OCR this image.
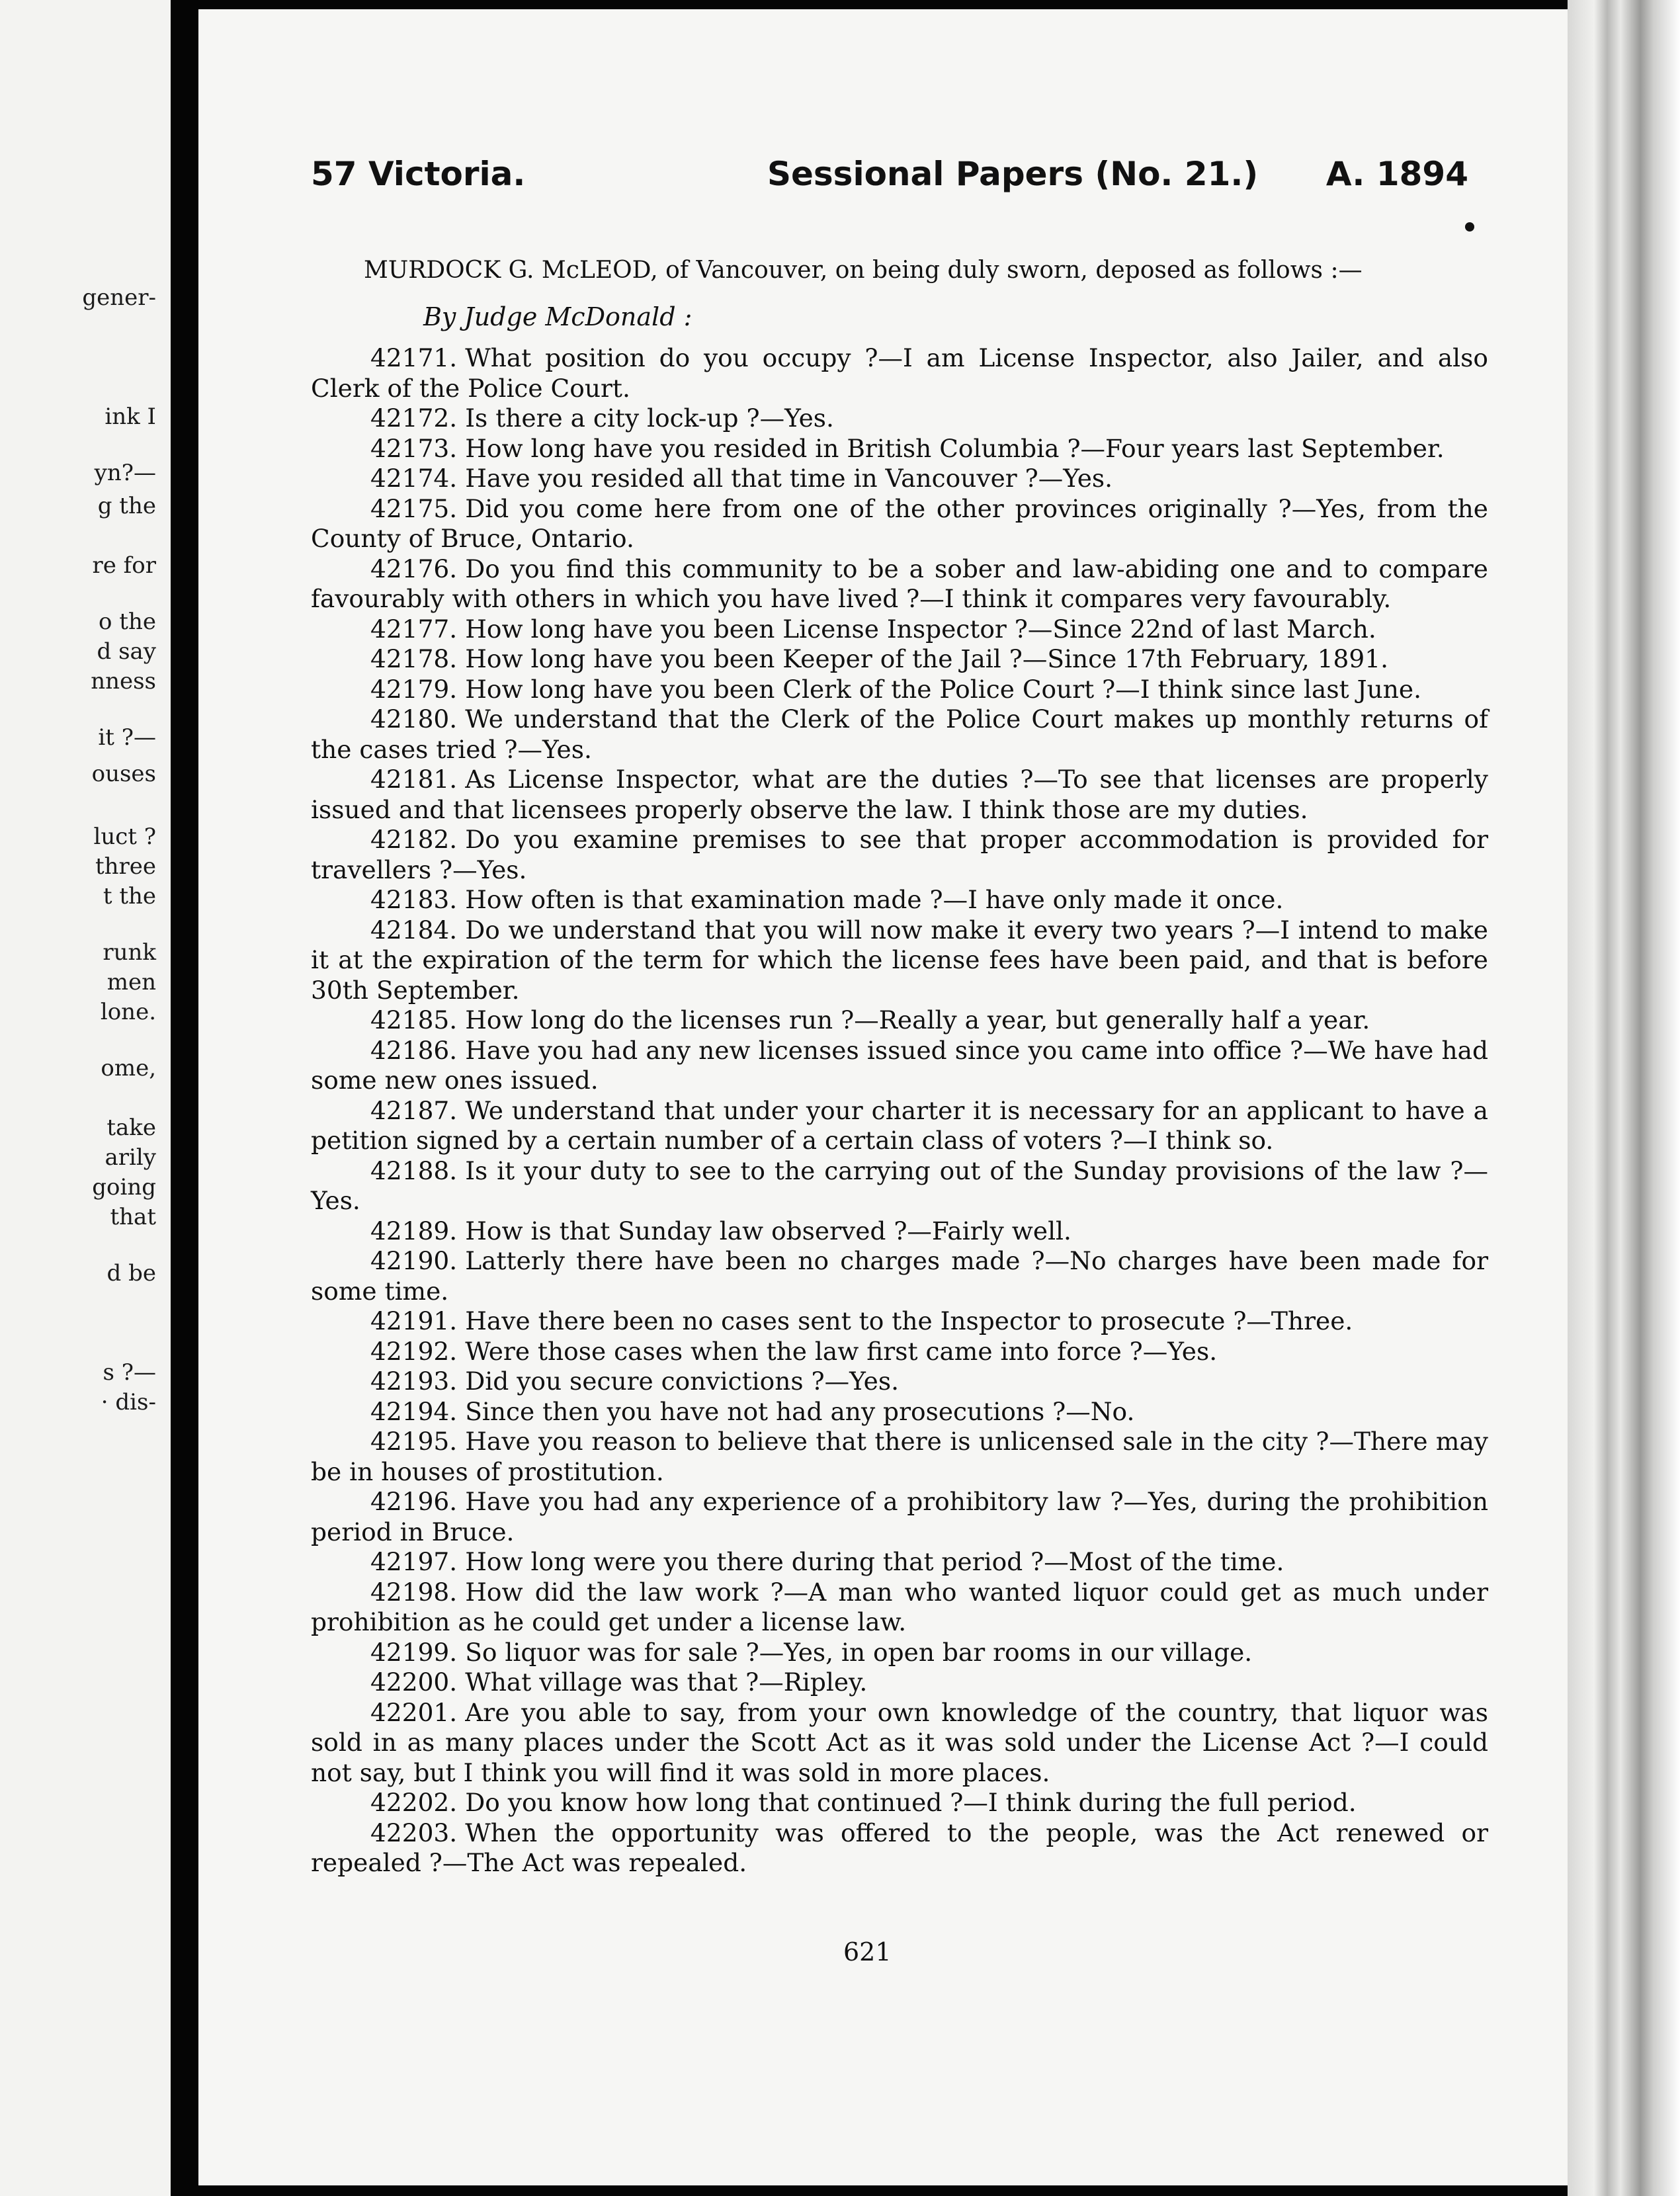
gener-
ink I
yn?—
g the
re for
o the
d say
nness
it ?—
ouses
luct ?
three
t the
runk
men
lone.
ome,
take
arily
going
that
d be
s ?—
· dis-
57 Victoria.	Sessional Papers (No. 21.) A. 1894
MURDOCK G. McLEOD, of Vancouver, on being duly sworn, deposed as follows :—
By Judge McDonald :

42171. What position do you occupy ?—I am License Inspector, also Jailer, and also Clerk of the Police Court.

42172. Is there a city lock-up ?—Yes.

42173. How long have you resided in British Columbia ?—Four years last September.

42174. Have you resided all that time in Vancouver ?—Yes.

42175. Did you come here from one of the other provinces originally ?—Yes, from the County of Bruce, Ontario.

42176. Do you find this community to be a sober and law-abiding one and to compare favourably with others in which you have lived ?—I think it compares very favourably.

42177. How long have you been License Inspector ?—Since 22nd of last March.

42178. How long have you been Keeper of the Jail ?—Since 17th February, 1891.

42179. How long have you been Clerk of the Police Court ?—I think since last June.

42180. We understand that the Clerk of the Police Court makes up monthly returns of the cases tried ?—Yes.

42181. As License Inspector, what are the duties ?—To see that licenses are properly issued and that licensees properly observe the law. I think those are my duties.

42182. Do you examine premises to see that proper accommodation is provided for travellers ?—Yes.

42183. How often is that examination made ?—I have only made it once.

42184. Do we understand that you will now make it every two years ?—I intend to make it at the expiration of the term for which the license fees have been paid, and that is before 30th September.

42185. How long do the licenses run ?—Really a year, but generally half a year.

42186. Have you had any new licenses issued since you came into office ?—We have had some new ones issued.

42187. We understand that under your charter it is necessary for an applicant to have a petition signed by a certain number of a certain class of voters ?—I think so.

42188. Is it your duty to see to the carrying out of the Sunday provisions of the law ?—Yes.

42189. How is that Sunday law observed ?—Fairly well.

42190. Latterly there have been no charges made ?—No charges have been made for some time.

42191. Have there been no cases sent to the Inspector to prosecute ?—Three.

42192. Were those cases when the law first came into force ?—Yes.

42193. Did you secure convictions ?—Yes.

42194. Since then you have not had any prosecutions ?—No.

42195. Have you reason to believe that there is unlicensed sale in the city ?—There may be in houses of prostitution.

42196. Have you had any experience of a prohibitory law ?—Yes, during the prohibition period in Bruce.

42197. How long were you there during that period ?—Most of the time.

42198. How did the law work ?—A man who wanted liquor could get as much under prohibition as he could get under a license law.

42199. So liquor was for sale ?—Yes, in open bar rooms in our village.

42200. What village was that ?—Ripley.

42201. Are you able to say, from your own knowledge of the country, that liquor was sold in as many places under the Scott Act as it was sold under the License Act ?—I could not say, but I think you will find it was sold in more places.

42202. Do you know how long that continued ?—I think during the full period.

42203. When the opportunity was offered to the people, was the Act renewed or repealed ?—The Act was repealed.

621
